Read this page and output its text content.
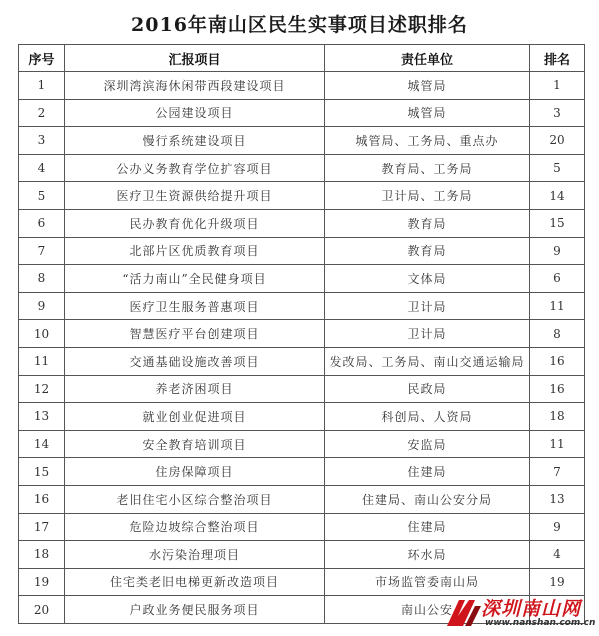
2016年南山区民生实事项目述职排名
序号	汇报项目	责任单位	排名
1	深圳湾滨海休闲带西段建设项目	城管局	1
2	公园建设项目	城管局	3
3	慢行系统建设项目	城管局、工务局、重点办	20
4	公办义务教育学位扩容项目	教育局、工务局	5
5	医疗卫生资源供给提升项目	卫计局、工务局	14
6	民办教育优化升级项目	教育局	15
7	北部片区优质教育项目	教育局	9
8	“活力南山”全民健身项目	文体局	6
9	医疗卫生服务普惠项目	卫计局	11
10	智慧医疗平台创建项目	卫计局	8
11	交通基础设施改善项目	发改局、工务局、南山交通运输局	16
12	养老济困项目	民政局	16
13	就业创业促进项目	科创局、人资局	18
14	安全教育培训项目	安监局	11
15	住房保障项目	住建局	7
16	老旧住宅小区综合整治项目	住建局、南山公安分局	13
17	危险边坡综合整治项目	住建局	9
18	水污染治理项目	环水局	4
19	住宅类老旧电梯更新改造项目	市场监管委南山局	19
20	户政业务便民服务项目	南山公安	深圳南山网
www.nanshan.com.cn
